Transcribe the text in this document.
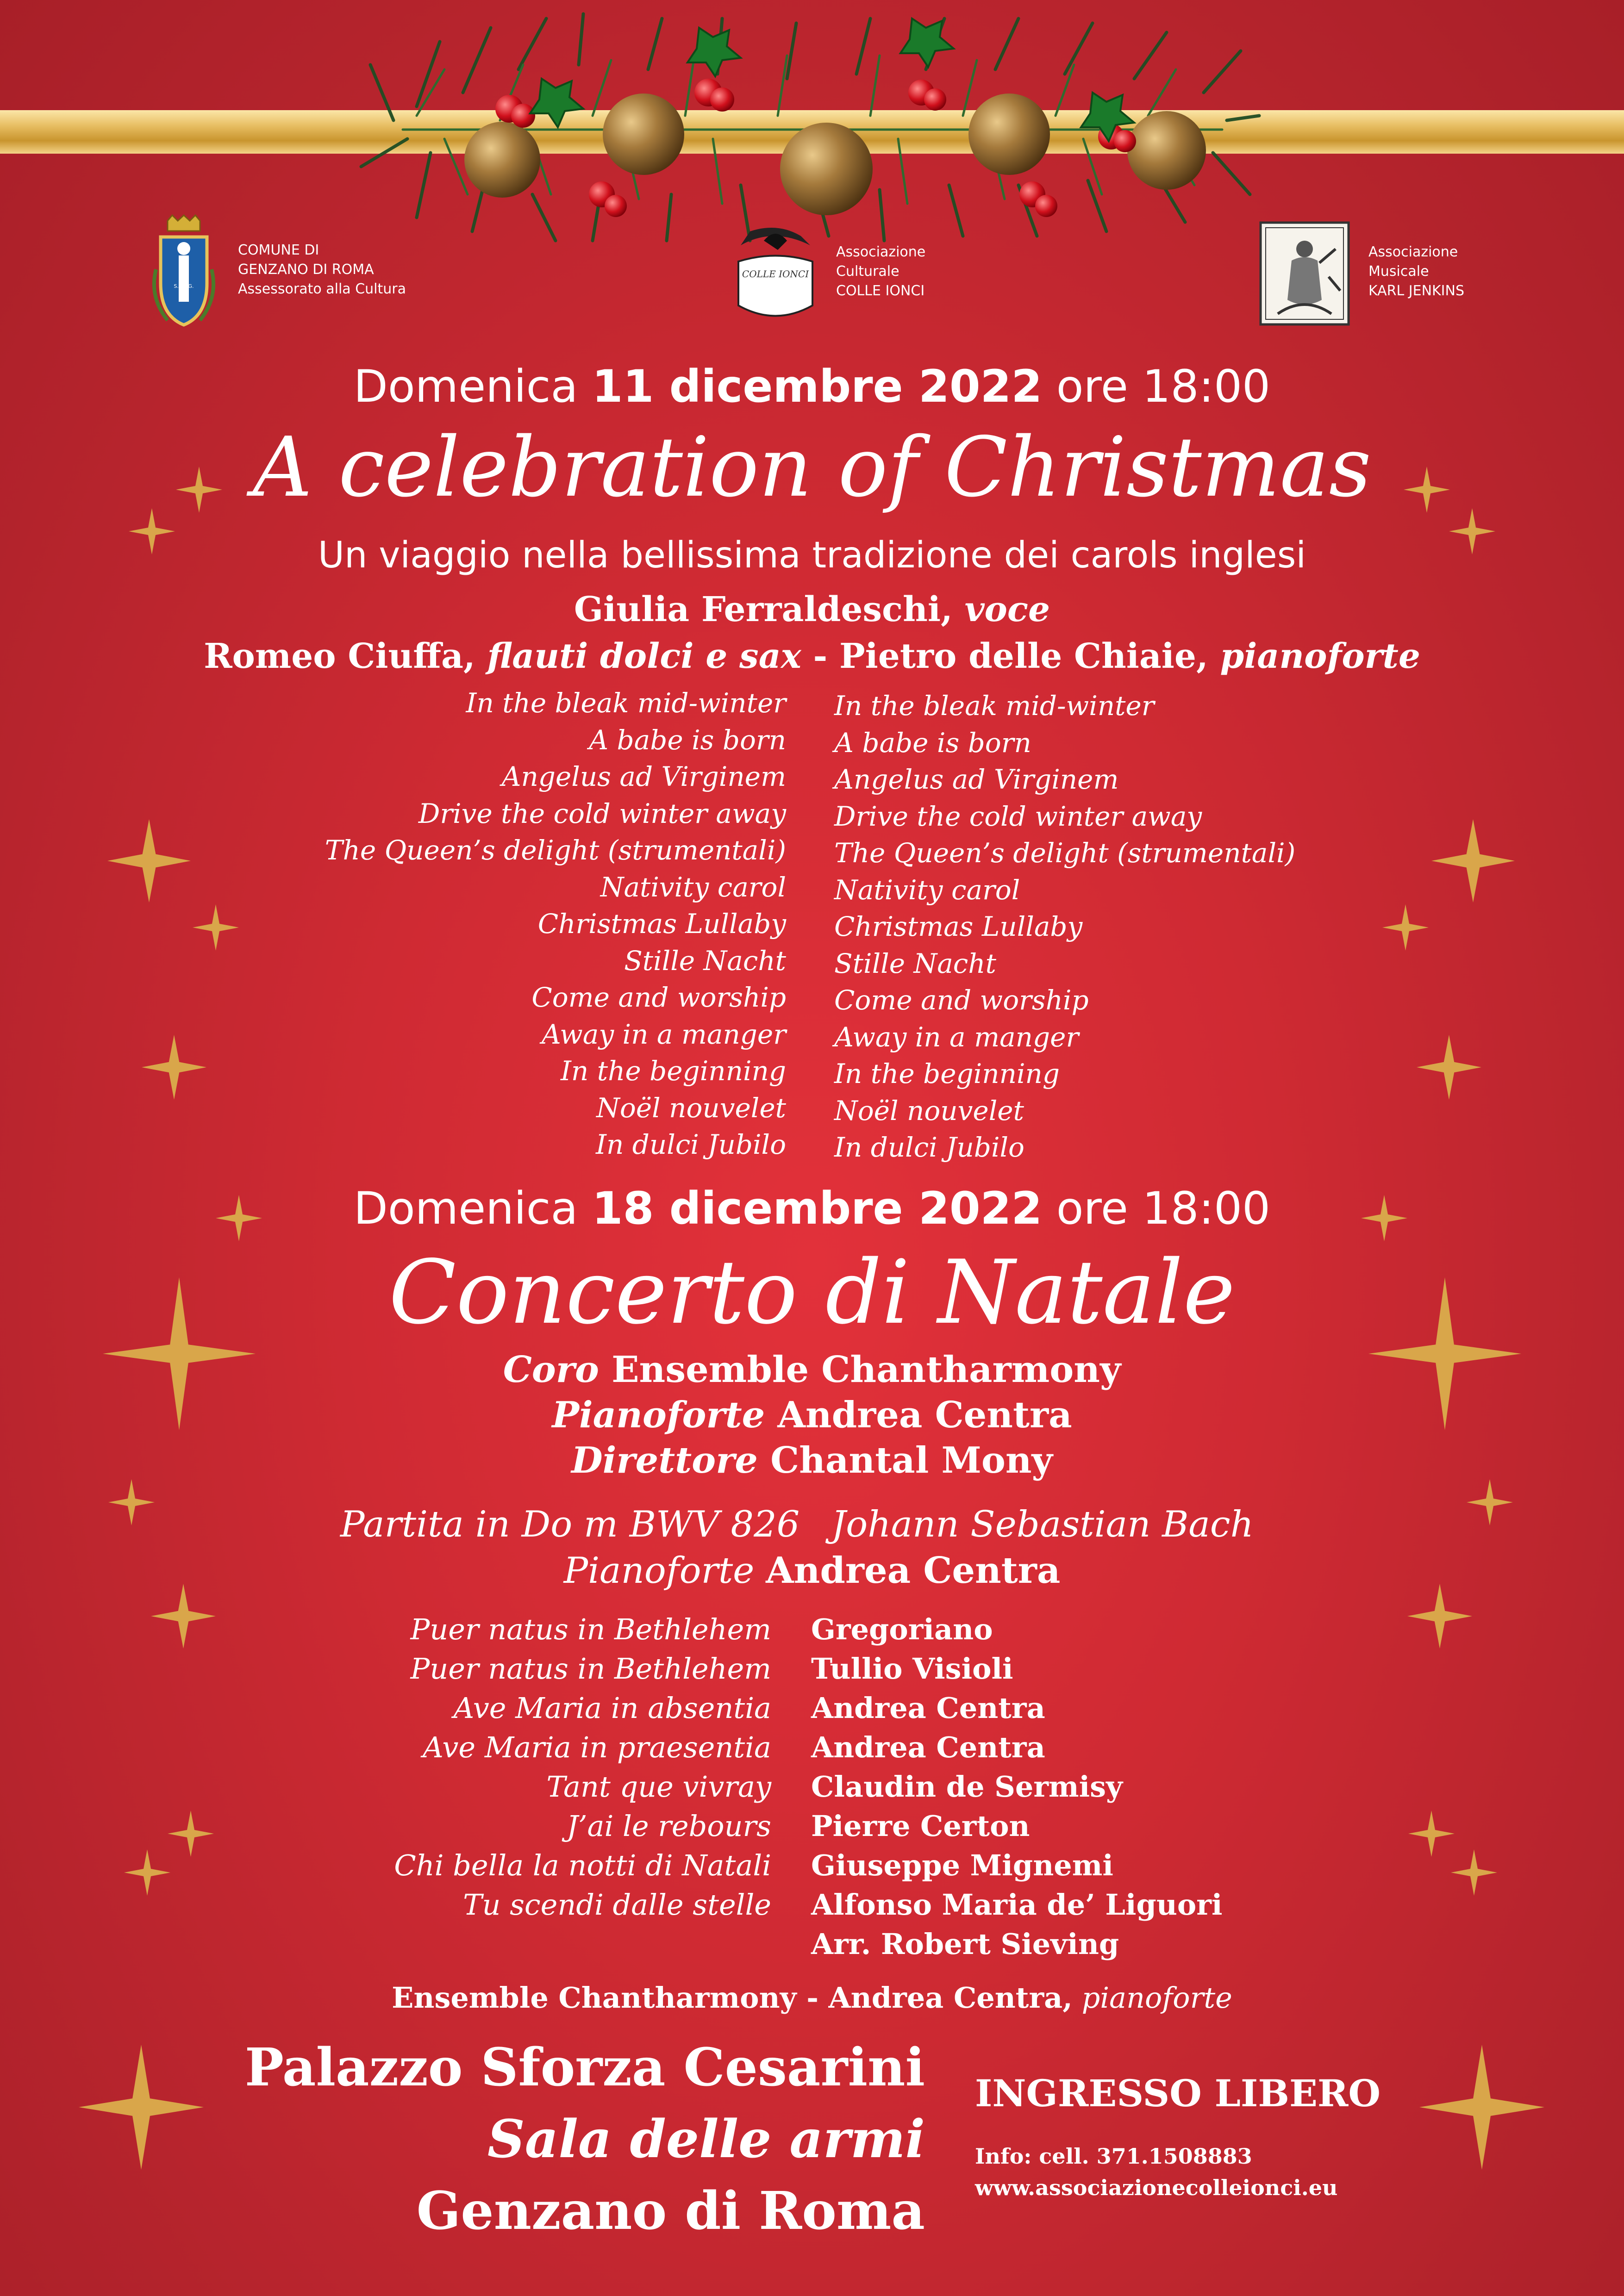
S.P.Q.G.
COMUNE DI
GENZANO DI ROMA
Assessorato alla Cultura
COLLE IONCI
Associazione
Culturale
COLLE IONCI
Associazione
Musicale
KARL JENKINS
Domenica 11 dicembre 2022 ore 18:00
A celebration of Christmas
Un viaggio nella bellissima tradizione dei carols inglesi
Giulia Ferraldeschi, voce
Romeo Ciuffa, flauti dolci e sax - Pietro delle Chiaie, pianoforte
In the bleak mid-winter
A babe is born
Angelus ad Virginem
Drive the cold winter away
The Queen’s delight (strumentali)
Nativity carol
Christmas Lullaby
Stille Nacht
Come and worship
Away in a manger
In the beginning
Noël nouvelet
In dulci Jubilo
In the bleak mid-winter
A babe is born
Angelus ad Virginem
Drive the cold winter away
The Queen’s delight (strumentali)
Nativity carol
Christmas Lullaby
Stille Nacht
Come and worship
Away in a manger
In the beginning
Noël nouvelet
In dulci Jubilo
Domenica 18 dicembre 2022 ore 18:00
Concerto di Natale
Coro Ensemble Chantharmony
Pianoforte Andrea Centra
Direttore Chantal Mony
Partita in Do m BWV 826 Johann Sebastian Bach
Pianoforte Andrea Centra
Puer natus in Bethlehem
Puer natus in Bethlehem
Ave Maria in absentia
Ave Maria in praesentia
Tant que vivray
J’ai le rebours
Chi bella la notti di Natali
Tu scendi dalle stelle
Gregoriano
Tullio Visioli
Andrea Centra
Andrea Centra
Claudin de Sermisy
Pierre Certon
Giuseppe Mignemi
Alfonso Maria de’ Liguori
Arr. Robert Sieving
Ensemble Chantharmony - Andrea Centra, pianoforte
Palazzo Sforza Cesarini
Sala delle armi
Genzano di Roma
INGRESSO LIBERO
Info: cell. 371.1508883
www.associazionecolleionci.eu
